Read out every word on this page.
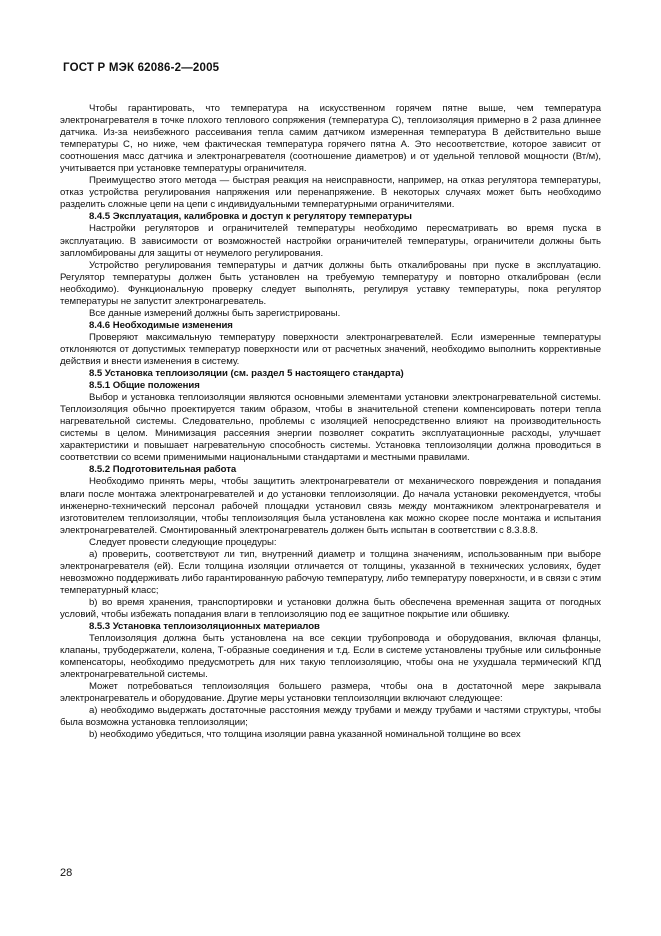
ГОСТ Р МЭК 62086-2—2005

Чтобы гарантировать, что температура на искусственном горячем пятне выше, чем температура электронагревателя в точке плохого теплового сопряжения (температура С), теплоизоляция примерно в 2 раза длиннее датчика. Из-за неизбежного рассеивания тепла самим датчиком измеренная температура В действительно выше температуры С, но ниже, чем фактическая температура горячего пятна А. Это несоответствие, которое зависит от соотношения масс датчика и электронагревателя (соотношение диаметров) и от удельной тепловой мощности (Вт/м), учитывается при установке температуры ограничителя.

Преимущество этого метода — быстрая реакция на неисправности, например, на отказ регулятора температуры, отказ устройства регулирования напряжения или перенапряжение. В некоторых случаях может быть необходимо разделить сложные цепи на цепи с индивидуальными температурными ограничителями.

8.4.5 Эксплуатация, калибровка и доступ к регулятору температуры

Настройки регуляторов и ограничителей температуры необходимо пересматривать во время пуска в эксплуатацию. В зависимости от возможностей настройки ограничителей температуры, ограничители должны быть запломбированы для защиты от неумелого регулирования.

Устройство регулирования температуры и датчик должны быть откалиброваны при пуске в эксплуатацию. Регулятор температуры должен быть установлен на требуемую температуру и повторно откалиброван (если необходимо). Функциональную проверку следует выполнять, регулируя уставку температуры, пока регулятор температуры не запустит электронагреватель.

Все данные измерений должны быть зарегистрированы.

8.4.6 Необходимые изменения

Проверяют максимальную температуру поверхности электронагревателей. Если измеренные температуры отклоняются от допустимых температур поверхности или от расчетных значений, необходимо выполнить коррективные действия и внести изменения в систему.

8.5 Установка теплоизоляции (см. раздел 5 настоящего стандарта)

8.5.1 Общие положения

Выбор и установка теплоизоляции являются основными элементами установки электронагревательной системы. Теплоизоляция обычно проектируется таким образом, чтобы в значительной степени компенсировать потери тепла нагревательной системы. Следовательно, проблемы с изоляцией непосредственно влияют на производительность системы в целом. Минимизация рассеяния энергии позволяет сократить эксплуатационные расходы, улучшает характеристики и повышает нагревательную способность системы. Установка теплоизоляции должна проводиться в соответствии со всеми применимыми национальными стандартами и местными правилами.

8.5.2 Подготовительная работа

Необходимо принять меры, чтобы защитить электронагреватели от механического повреждения и попадания влаги после монтажа электронагревателей и до установки теплоизоляции. До начала установки рекомендуется, чтобы инженерно-технический персонал рабочей площадки установил связь между монтажником электронагревателя и изготовителем теплоизоляции, чтобы теплоизоляция была установлена как можно скорее после монтажа и испытания электронагревателей. Смонтированный электронагреватель должен быть испытан в соответствии с 8.3.8.8.

Следует провести следующие процедуры:

a) проверить, соответствуют ли тип, внутренний диаметр и толщина значениям, использованным при выборе электронагревателя (ей). Если толщина изоляции отличается от толщины, указанной в технических условиях, будет невозможно поддерживать либо гарантированную рабочую температуру, либо температуру поверхности, и в связи с этим температурный класс;

b) во время хранения, транспортировки и установки должна быть обеспечена временная защита от погодных условий, чтобы избежать попадания влаги в теплоизоляцию под ее защитное покрытие или обшивку.

8.5.3 Установка теплоизоляционных материалов

Теплоизоляция должна быть установлена на все секции трубопровода и оборудования, включая фланцы, клапаны, трубодержатели, колена, Т-образные соединения и т.д. Если в системе установлены трубные или сильфонные компенсаторы, необходимо предусмотреть для них такую теплоизоляцию, чтобы она не ухудшала термический КПД электронагревательной системы.

Может потребоваться теплоизоляция большего размера, чтобы она в достаточной мере закрывала электронагреватель и оборудование. Другие меры установки теплоизоляции включают следующее:

a) необходимо выдержать достаточные расстояния между трубами и между трубами и частями структуры, чтобы была возможна установка теплоизоляции;

b) необходимо убедиться, что толщина изоляции равна указанной номинальной толщине во всех

28
